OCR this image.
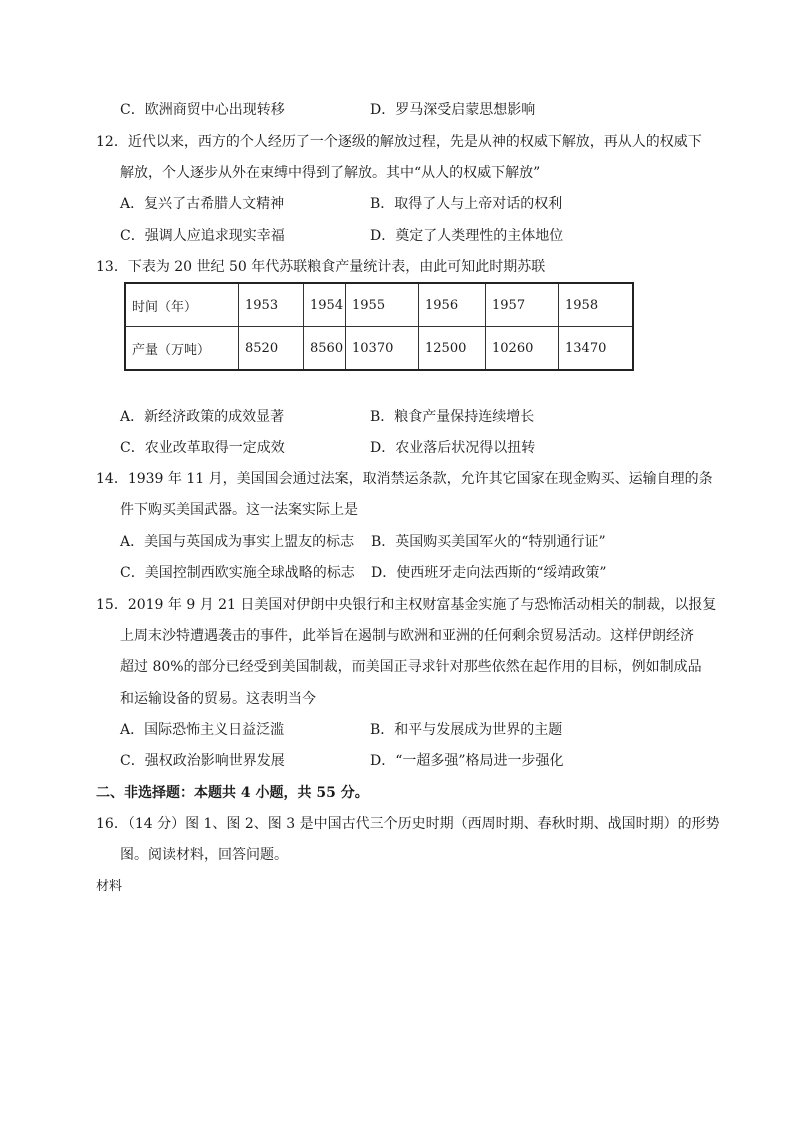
C．欧洲商贸中心出现转移	D．罗马深受启蒙思想影响
12．近代以来，西方的个人经历了一个逐级的解放过程，先是从神的权威下解放，再从人的权威下
解放，个人逐步从外在束缚中得到了解放。其中“从人的权威下解放”
A．复兴了古希腊人文精神	B．取得了人与上帝对话的权利
C．强调人应追求现实幸福	D．奠定了人类理性的主体地位
13．下表为 20 世纪 50 年代苏联粮食产量统计表，由此可知此时期苏联
时间（年）	1953	1954	1955	1956	1957	1958
产量（万吨）	8520	8560	10370	12500	10260	13470
A．新经济政策的成效显著	B．粮食产量保持连续增长
C．农业改革取得一定成效	D．农业落后状况得以扭转
14．1939 年 11 月，美国国会通过法案，取消禁运条款，允许其它国家在现金购买、运输自理的条
件下购买美国武器。这一法案实际上是
A．美国与英国成为事实上盟友的标志 B．英国购买美国军火的“特别通行证”
C．美国控制西欧实施全球战略的标志 D．使西班牙走向法西斯的“绥靖政策”
15．2019 年 9 月 21 日美国对伊朗中央银行和主权财富基金实施了与恐怖活动相关的制裁，以报复
上周末沙特遭遇袭击的事件，此举旨在遏制与欧洲和亚洲的任何剩余贸易活动。这样伊朗经济
超过 80%的部分已经受到美国制裁，而美国正寻求针对那些依然在起作用的目标，例如制成品
和运输设备的贸易。这表明当今
A．国际恐怖主义日益泛滥	B．和平与发展成为世界的主题
C．强权政治影响世界发展	D．“一超多强”格局进一步强化
二、非选择题：本题共 4 小题，共 55 分。
16．（14 分）图 1、图 2、图 3 是中国古代三个历史时期（西周时期、春秋时期、战国时期）的形势
图。阅读材料，回答问题。
材料
